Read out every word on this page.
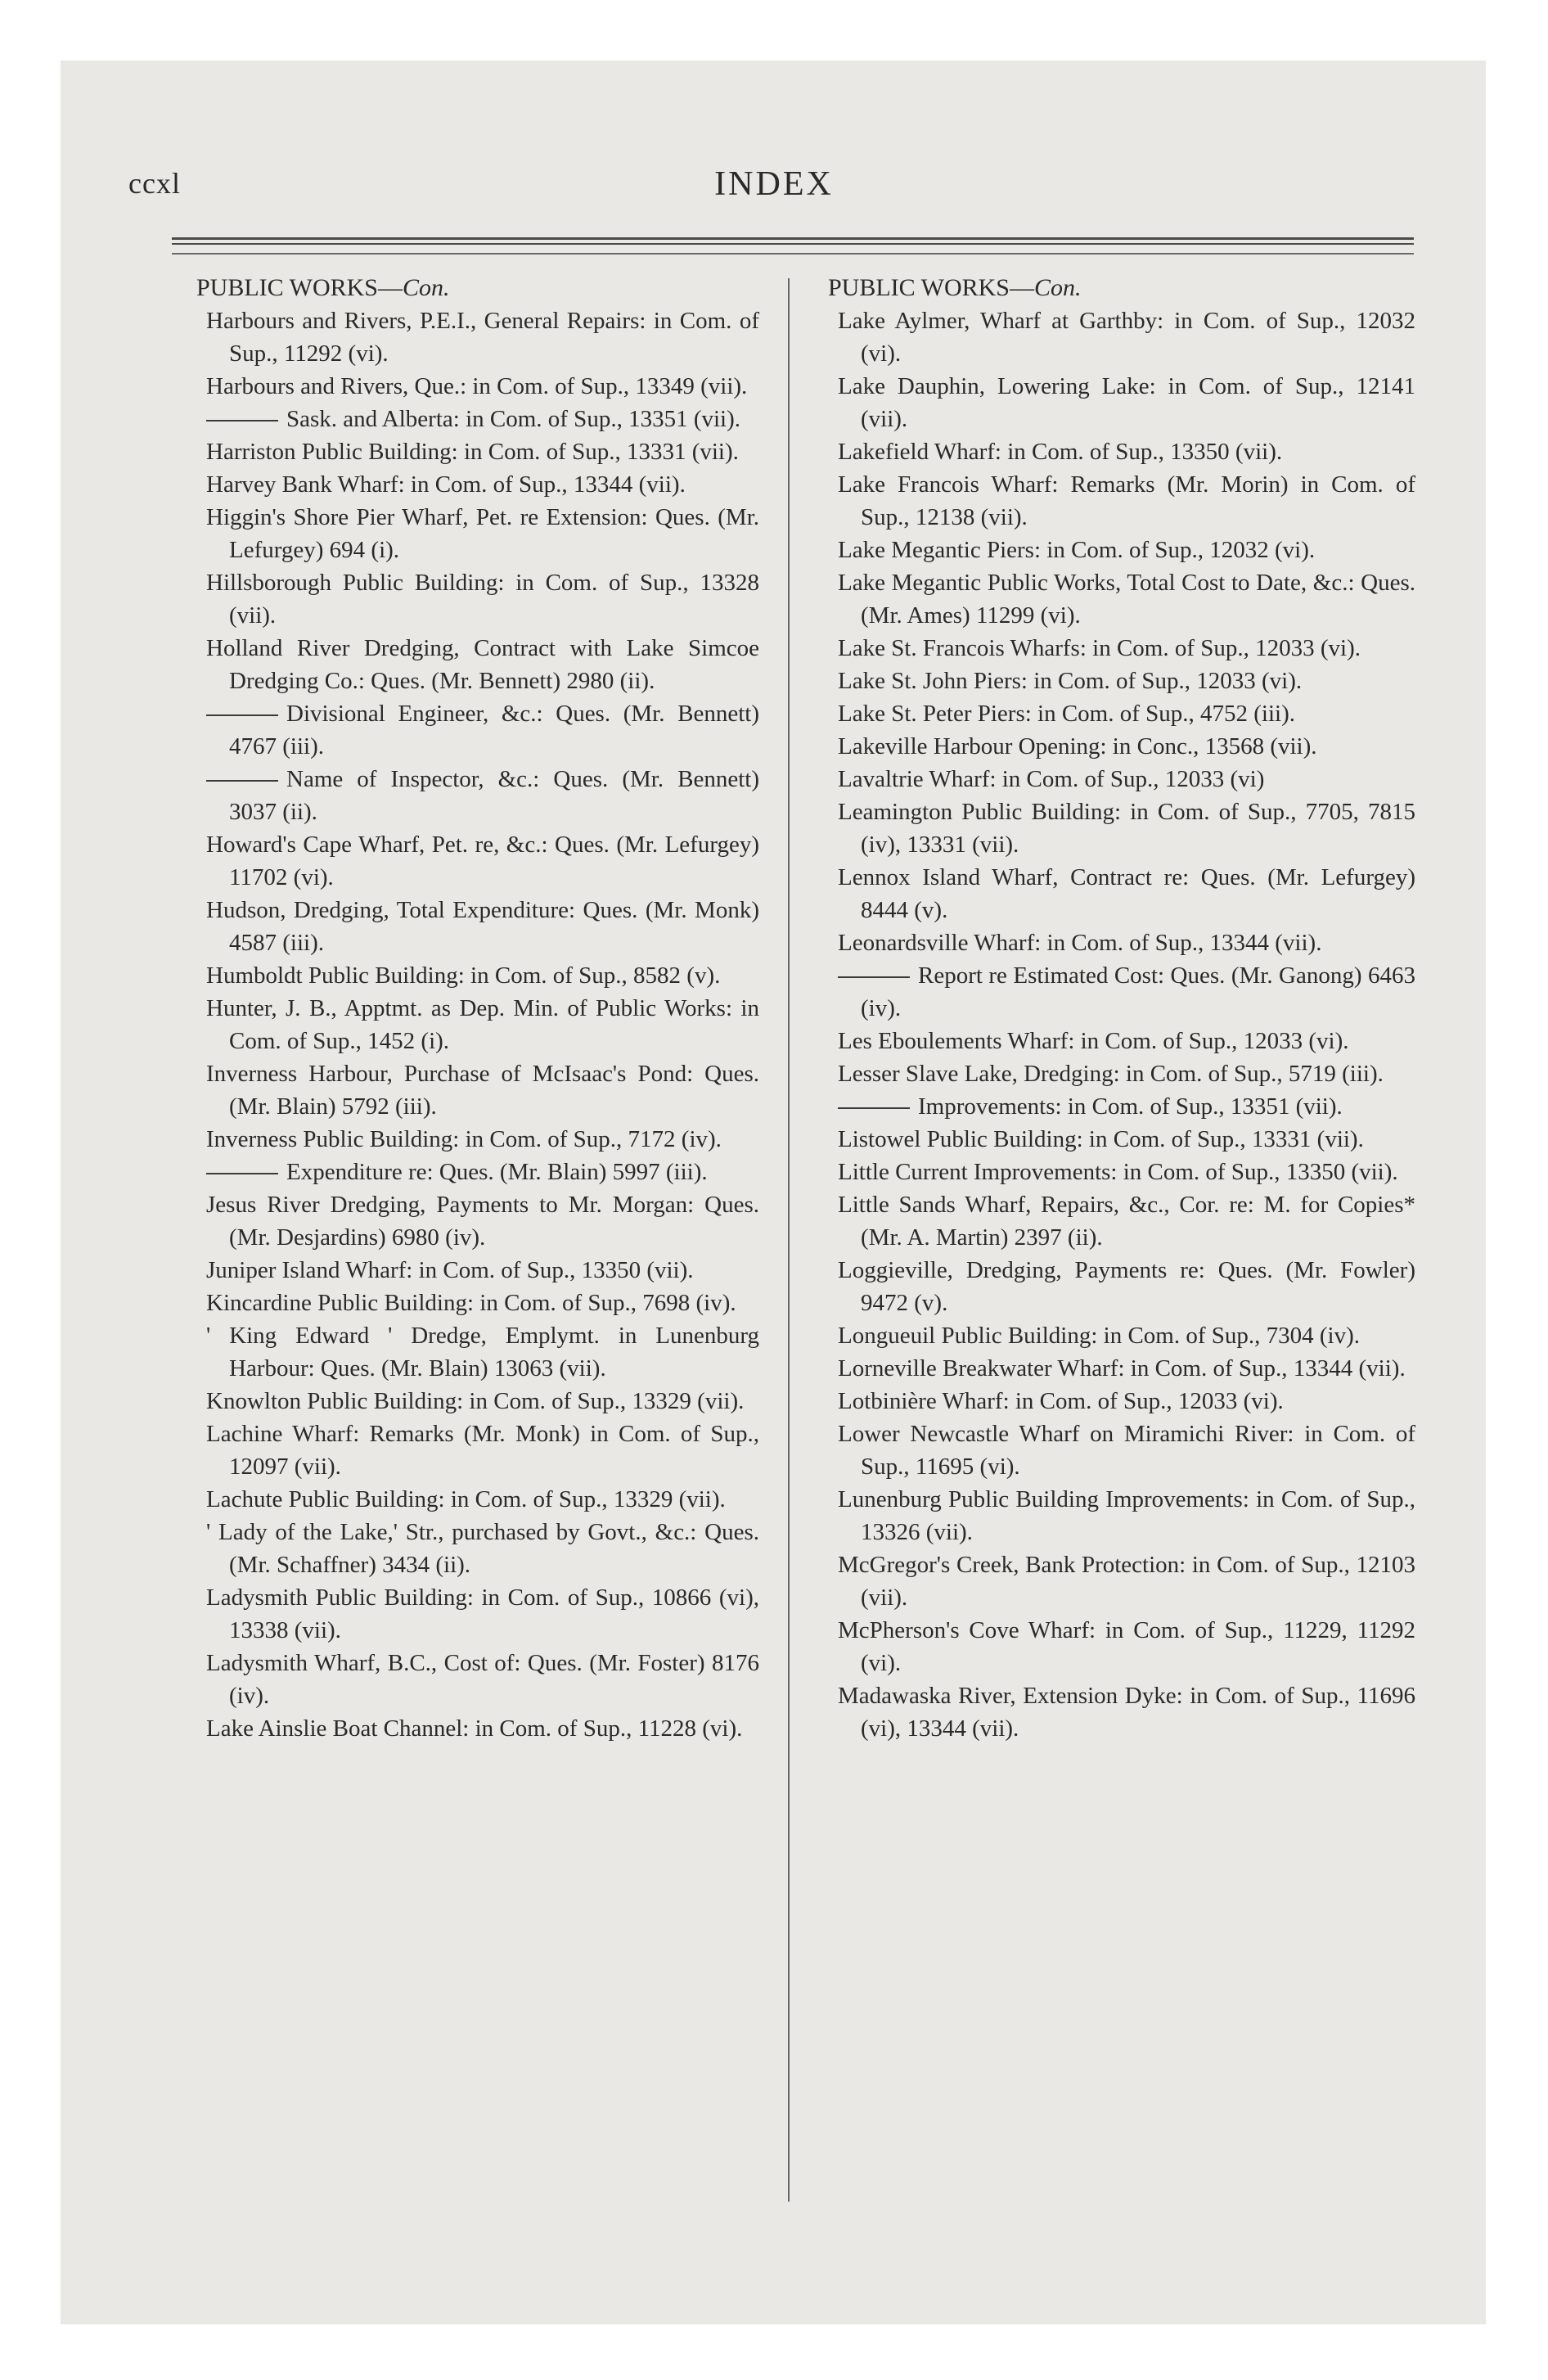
ccxl	INDEX
PUBLIC WORKS—Con.
Harbours and Rivers, P.E.I., General Repairs: in Com. of Sup., 11292 (vi).
Harbours and Rivers, Que.: in Com. of Sup., 13349 (vii).
Sask. and Alberta: in Com. of Sup., 13351 (vii).
Harriston Public Building: in Com. of Sup., 13331 (vii).
Harvey Bank Wharf: in Com. of Sup., 13344 (vii).
Higgin's Shore Pier Wharf, Pet. re Extension: Ques. (Mr. Lefurgey) 694 (i).
Hillsborough Public Building: in Com. of Sup., 13328 (vii).
Holland River Dredging, Contract with Lake Simcoe Dredging Co.: Ques. (Mr. Bennett) 2980 (ii).
Divisional Engineer, &c.: Ques. (Mr. Bennett) 4767 (iii).
Name of Inspector, &c.: Ques. (Mr. Bennett) 3037 (ii).
Howard's Cape Wharf, Pet. re, &c.: Ques. (Mr. Lefurgey) 11702 (vi).
Hudson, Dredging, Total Expenditure: Ques. (Mr. Monk) 4587 (iii).
Humboldt Public Building: in Com. of Sup., 8582 (v).
Hunter, J. B., Apptmt. as Dep. Min. of Public Works: in Com. of Sup., 1452 (i).
Inverness Harbour, Purchase of McIsaac's Pond: Ques. (Mr. Blain) 5792 (iii).
Inverness Public Building: in Com. of Sup., 7172 (iv).
Expenditure re: Ques. (Mr. Blain) 5997 (iii).
Jesus River Dredging, Payments to Mr. Morgan: Ques. (Mr. Desjardins) 6980 (iv).
Juniper Island Wharf: in Com. of Sup., 13350 (vii).
Kincardine Public Building: in Com. of Sup., 7698 (iv).
' King Edward ' Dredge, Emplymt. in Lunenburg Harbour: Ques. (Mr. Blain) 13063 (vii).
Knowlton Public Building: in Com. of Sup., 13329 (vii).
Lachine Wharf: Remarks (Mr. Monk) in Com. of Sup., 12097 (vii).
Lachute Public Building: in Com. of Sup., 13329 (vii).
' Lady of the Lake,' Str., purchased by Govt., &c.: Ques. (Mr. Schaffner) 3434 (ii).
Ladysmith Public Building: in Com. of Sup., 10866 (vi), 13338 (vii).
Ladysmith Wharf, B.C., Cost of: Ques. (Mr. Foster) 8176 (iv).
Lake Ainslie Boat Channel: in Com. of Sup., 11228 (vi).
PUBLIC WORKS—Con.
Lake Aylmer, Wharf at Garthby: in Com. of Sup., 12032 (vi).
Lake Dauphin, Lowering Lake: in Com. of Sup., 12141 (vii).
Lakefield Wharf: in Com. of Sup., 13350 (vii).
Lake Francois Wharf: Remarks (Mr. Morin) in Com. of Sup., 12138 (vii).
Lake Megantic Piers: in Com. of Sup., 12032 (vi).
Lake Megantic Public Works, Total Cost to Date, &c.: Ques. (Mr. Ames) 11299 (vi).
Lake St. Francois Wharfs: in Com. of Sup., 12033 (vi).
Lake St. John Piers: in Com. of Sup., 12033 (vi).
Lake St. Peter Piers: in Com. of Sup., 4752 (iii).
Lakeville Harbour Opening: in Conc., 13568 (vii).
Lavaltrie Wharf: in Com. of Sup., 12033 (vi)
Leamington Public Building: in Com. of Sup., 7705, 7815 (iv), 13331 (vii).
Lennox Island Wharf, Contract re: Ques. (Mr. Lefurgey) 8444 (v).
Leonardsville Wharf: in Com. of Sup., 13344 (vii).
Report re Estimated Cost: Ques. (Mr. Ganong) 6463 (iv).
Les Eboulements Wharf: in Com. of Sup., 12033 (vi).
Lesser Slave Lake, Dredging: in Com. of Sup., 5719 (iii).
Improvements: in Com. of Sup., 13351 (vii).
Listowel Public Building: in Com. of Sup., 13331 (vii).
Little Current Improvements: in Com. of Sup., 13350 (vii).
Little Sands Wharf, Repairs, &c., Cor. re: M. for Copies* (Mr. A. Martin) 2397 (ii).
Loggieville, Dredging, Payments re: Ques. (Mr. Fowler) 9472 (v).
Longueuil Public Building: in Com. of Sup., 7304 (iv).
Lorneville Breakwater Wharf: in Com. of Sup., 13344 (vii).
Lotbinière Wharf: in Com. of Sup., 12033 (vi).
Lower Newcastle Wharf on Miramichi River: in Com. of Sup., 11695 (vi).
Lunenburg Public Building Improvements: in Com. of Sup., 13326 (vii).
McGregor's Creek, Bank Protection: in Com. of Sup., 12103 (vii).
McPherson's Cove Wharf: in Com. of Sup., 11229, 11292 (vi).
Madawaska River, Extension Dyke: in Com. of Sup., 11696 (vi), 13344 (vii).
